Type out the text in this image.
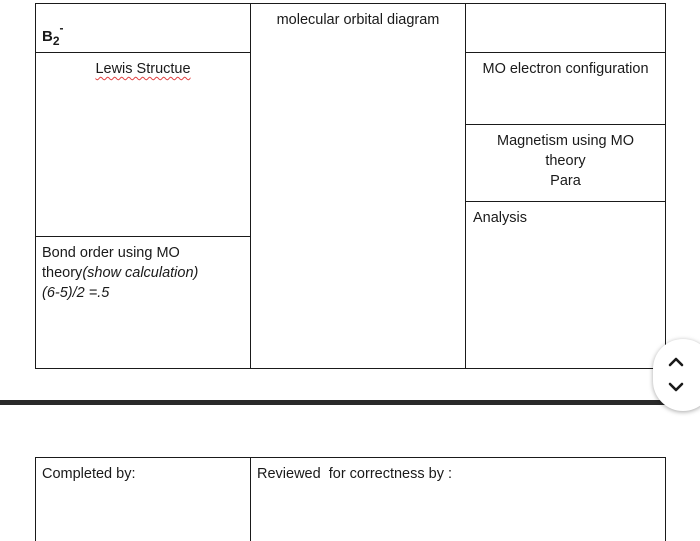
$B_2^-$	molecular orbital diagram
Lewis Structue
Bond order using MO
theory(show calculation)
(6-5)/2 =.5
MO electron configuration
Magnetism using MO
theory
Para
Analysis
Completed by:	Reviewed  for correctness by :
